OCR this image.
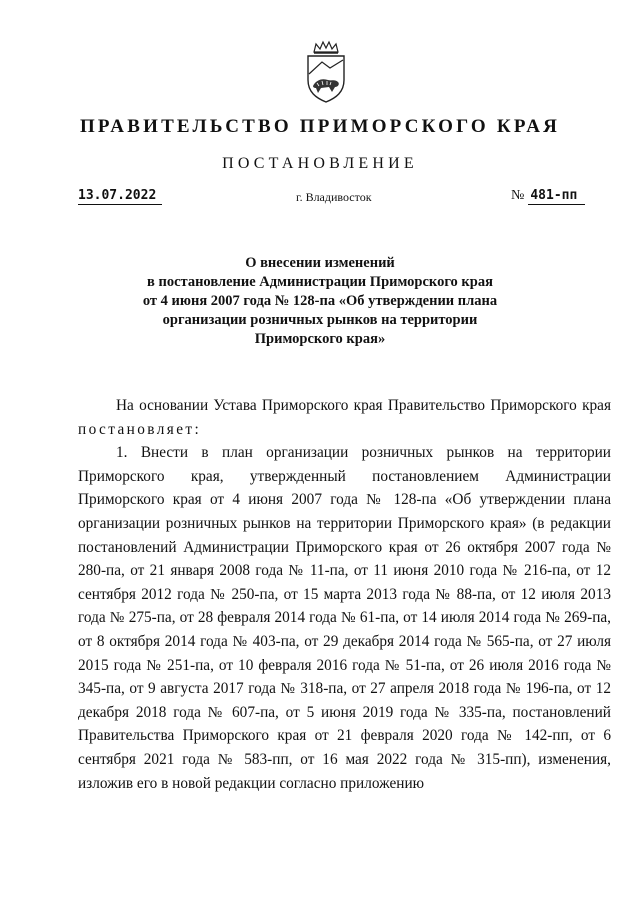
ПРАВИТЕЛЬСТВО ПРИМОРСКОГО КРАЯ
ПОСТАНОВЛЕНИЕ
13.07.2022	г. Владивосток	№ 481-пп
О внесении изменений
в постановление Администрации Приморского края
от 4 июня 2007 года № 128-па «Об утверждении плана
организации розничных рынков на территории
Приморского края»

На основании Устава Приморского края Правительство Приморского края постановляет:

1. Внести в план организации розничных рынков на территории Приморского края, утвержденный постановлением Администрации Приморского края от 4 июня 2007 года № 128-па «Об утверждении плана организации розничных рынков на территории Приморского края» (в редакции постановлений Администрации Приморского края от 26 октября 2007 года № 280-па, от 21 января 2008 года № 11-па, от 11 июня 2010 года № 216-па, от 12 сентября 2012 года № 250-па, от 15 марта 2013 года № 88-па, от 12 июля 2013 года № 275-па, от 28 февраля 2014 года № 61-па, от 14 июля 2014 года № 269-па, от 8 октября 2014 года № 403-па, от 29 декабря 2014 года № 565-па, от 27 июля 2015 года № 251-па, от 10 февраля 2016 года № 51-па, от 26 июля 2016 года № 345-па, от 9 августа 2017 года № 318-па, от 27 апреля 2018 года № 196-па, от 12 декабря 2018 года № 607-па, от 5 июня 2019 года № 335-па, постановлений Правительства Приморского края от 21 февраля 2020 года № 142-пп, от 6 сентября 2021 года № 583-пп, от 16 мая 2022 года № 315-пп), изменения, изложив его в новой редакции согласно приложению
